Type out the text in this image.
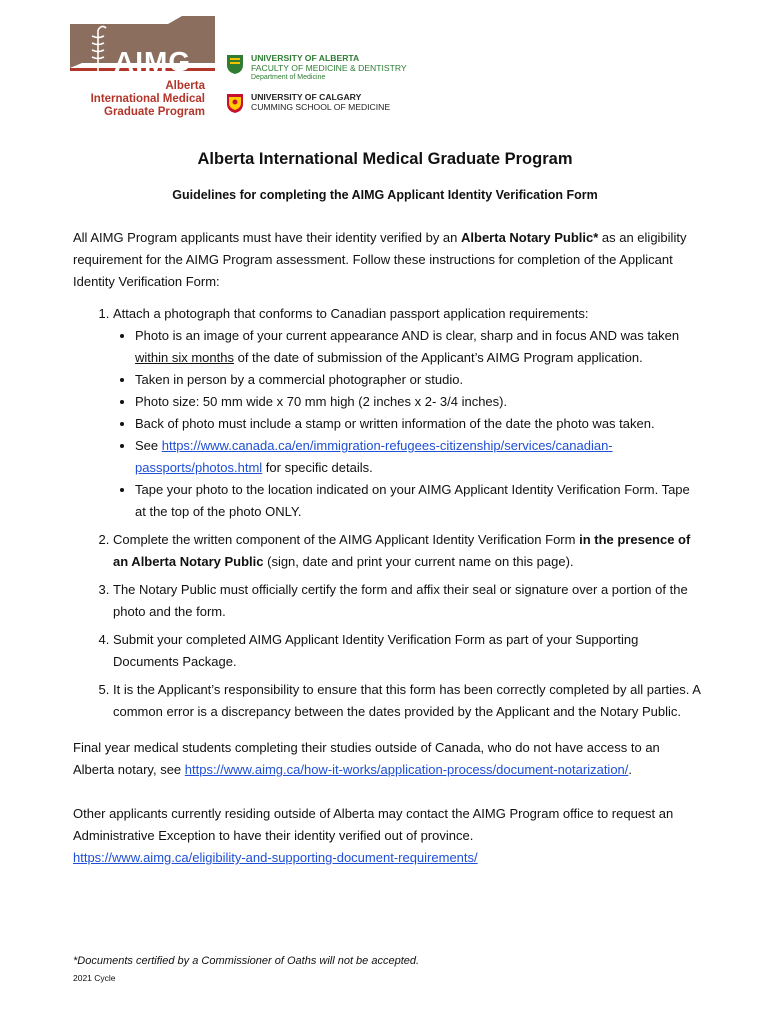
AIMG
Alberta
International Medical
Graduate Program
UNIVERSITY OF ALBERTA
FACULTY OF MEDICINE & DENTISTRY
Department of Medicine
UNIVERSITY OF CALGARY
CUMMING SCHOOL OF MEDICINE
Alberta International Medical Graduate Program
Guidelines for completing the AIMG Applicant Identity Verification Form

All AIMG Program applicants must have their identity verified by an Alberta Notary Public* as an eligibility requirement for the AIMG Program assessment. Follow these instructions for completion of the Applicant Identity Verification Form:

1. Attach a photograph that conforms to Canadian passport application requirements:
• Photo is an image of your current appearance AND is clear, sharp and in focus AND was taken within six months of the date of submission of the Applicant’s AIMG Program application.
• Taken in person by a commercial photographer or studio.
• Photo size: 50 mm wide x 70 mm high (2 inches x 2- 3/4 inches).
• Back of photo must include a stamp or written information of the date the photo was taken.
• See https://www.canada.ca/en/immigration-refugees-citizenship/services/canadian-passports/photos.html for specific details.
• Tape your photo to the location indicated on your AIMG Applicant Identity Verification Form. Tape at the top of the photo ONLY.
2. Complete the written component of the AIMG Applicant Identity Verification Form in the presence of an Alberta Notary Public (sign, date and print your current name on this page).
3. The Notary Public must officially certify the form and affix their seal or signature over a portion of the photo and the form.
4. Submit your completed AIMG Applicant Identity Verification Form as part of your Supporting Documents Package.
5. It is the Applicant’s responsibility to ensure that this form has been correctly completed by all parties. A common error is a discrepancy between the dates provided by the Applicant and the Notary Public.

Final year medical students completing their studies outside of Canada, who do not have access to an Alberta notary, see https://www.aimg.ca/how-it-works/application-process/document-notarization/.

Other applicants currently residing outside of Alberta may contact the AIMG Program office to request an Administrative Exception to have their identity verified out of province.
https://www.aimg.ca/eligibility-and-supporting-document-requirements/

*Documents certified by a Commissioner of Oaths will not be accepted.
2021 Cycle
